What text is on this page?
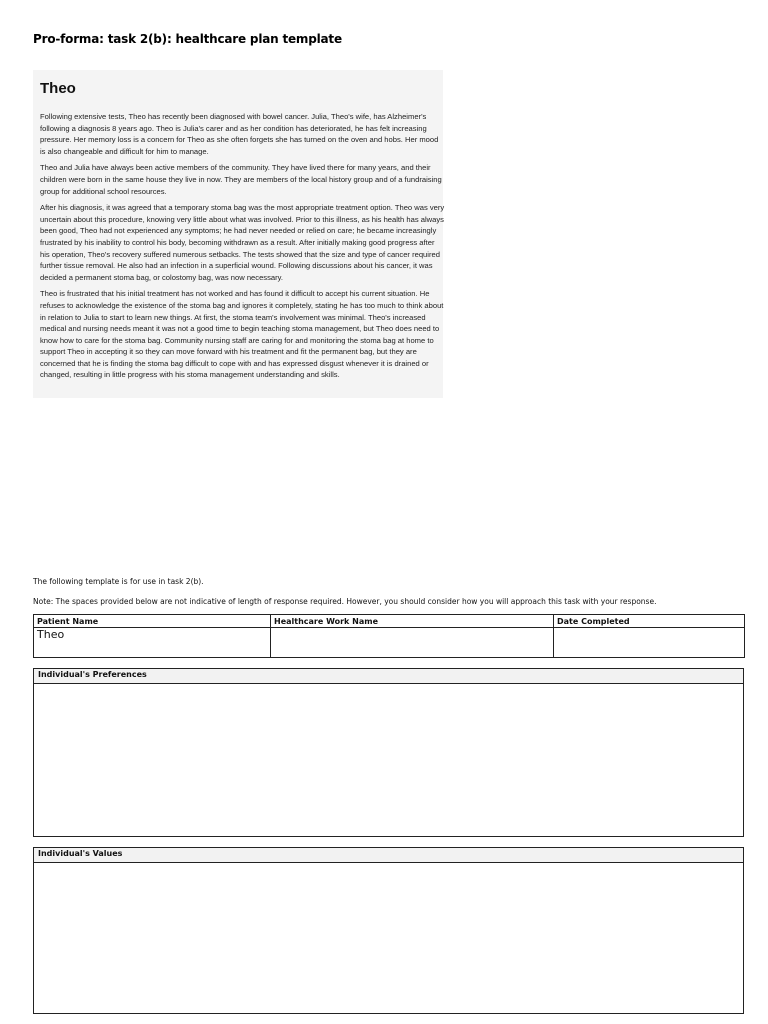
Pro-forma: task 2(b): healthcare plan template
Theo

Following extensive tests, Theo has recently been diagnosed with bowel cancer. Julia, Theo's wife, has Alzheimer's following a diagnosis 8 years ago. Theo is Julia's carer and as her condition has deteriorated, he has felt increasing pressure. Her memory loss is a concern for Theo as she often forgets she has turned on the oven and hobs. Her mood is also changeable and difficult for him to manage.

Theo and Julia have always been active members of the community. They have lived there for many years, and their children were born in the same house they live in now. They are members of the local history group and of a fundraising group for additional school resources.

After his diagnosis, it was agreed that a temporary stoma bag was the most appropriate treatment option. Theo was very uncertain about this procedure, knowing very little about what was involved. Prior to this illness, as his health has always been good, Theo had not experienced any symptoms; he had never needed or relied on care; he became increasingly frustrated by his inability to control his body, becoming withdrawn as a result. After initially making good progress after his operation, Theo's recovery suffered numerous setbacks. The tests showed that the size and type of cancer required further tissue removal. He also had an infection in a superficial wound. Following discussions about his cancer, it was decided a permanent stoma bag, or colostomy bag, was now necessary.

Theo is frustrated that his initial treatment has not worked and has found it difficult to accept his current situation. He refuses to acknowledge the existence of the stoma bag and ignores it completely, stating he has too much to think about in relation to Julia to start to learn new things. At first, the stoma team's involvement was minimal. Theo's increased medical and nursing needs meant it was not a good time to begin teaching stoma management, but Theo does need to know how to care for the stoma bag. Community nursing staff are caring for and monitoring the stoma bag at home to support Theo in accepting it so they can move forward with his treatment and fit the permanent bag, but they are concerned that he is finding the stoma bag difficult to cope with and has expressed disgust whenever it is drained or changed, resulting in little progress with his stoma management understanding and skills.

The following template is for use in task 2(b).
Note: The spaces provided below are not indicative of length of response required. However, you should consider how you will approach this task with your response.
Patient Name	Healthcare Work Name	Date Completed
Theo		
Individual's Preferences
Individual's Values
